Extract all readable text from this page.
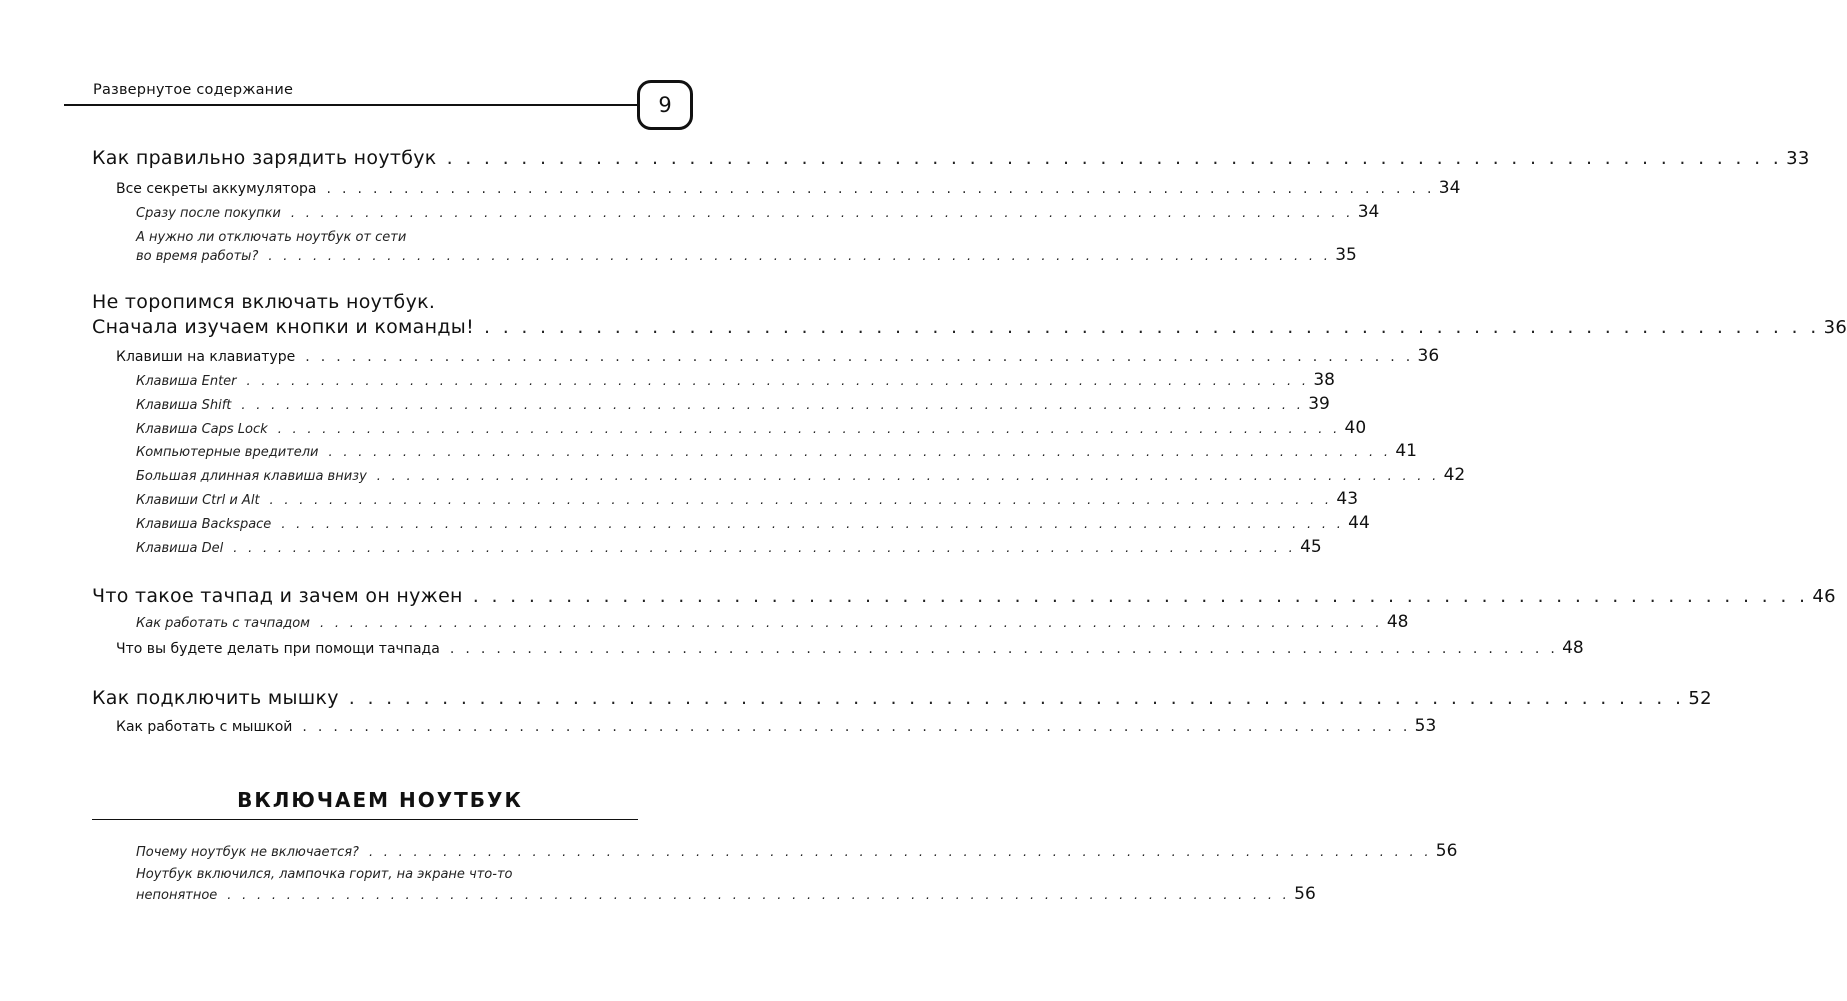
Развернутое содержание
9
Как правильно зарядить ноутбук . . . . . . . . . . . . . . . . . . . . . . . . . . . . . . . . . . . . . . . . . . . . . . . . . . . . . . . . . . . . . . . . . . . . . . . . 33
Все секреты аккумулятора . . . . . . . . . . . . . . . . . . . . . . . . . . . . . . . . . . . . . . . . . . . . . . . . . . . . . . . . . . . . . . . . . . . . . . . . 34
Сразу после покупки . . . . . . . . . . . . . . . . . . . . . . . . . . . . . . . . . . . . . . . . . . . . . . . . . . . . . . . . . . . . . . . . . . . . . . . . 34
А нужно ли отключать ноутбук от сети
во время работы? . . . . . . . . . . . . . . . . . . . . . . . . . . . . . . . . . . . . . . . . . . . . . . . . . . . . . . . . . . . . . . . . . . . . . . . . 35
Не торопимся включать ноутбук.
Сначала изучаем кнопки и команды! . . . . . . . . . . . . . . . . . . . . . . . . . . . . . . . . . . . . . . . . . . . . . . . . . . . . . . . . . . . . . . . . . . . . . . . . 36
Клавиши на клавиатуре . . . . . . . . . . . . . . . . . . . . . . . . . . . . . . . . . . . . . . . . . . . . . . . . . . . . . . . . . . . . . . . . . . . . . . . . 36
Клавиша Enter . . . . . . . . . . . . . . . . . . . . . . . . . . . . . . . . . . . . . . . . . . . . . . . . . . . . . . . . . . . . . . . . . . . . . . . . 38
Клавиша Shift . . . . . . . . . . . . . . . . . . . . . . . . . . . . . . . . . . . . . . . . . . . . . . . . . . . . . . . . . . . . . . . . . . . . . . . . 39
Клавиша Caps Lock . . . . . . . . . . . . . . . . . . . . . . . . . . . . . . . . . . . . . . . . . . . . . . . . . . . . . . . . . . . . . . . . . . . . . . . . 40
Компьютерные вредители . . . . . . . . . . . . . . . . . . . . . . . . . . . . . . . . . . . . . . . . . . . . . . . . . . . . . . . . . . . . . . . . . . . . . . . . 41
Большая длинная клавиша внизу . . . . . . . . . . . . . . . . . . . . . . . . . . . . . . . . . . . . . . . . . . . . . . . . . . . . . . . . . . . . . . . . . . . . . . . . 42
Клавиши Ctrl и Alt . . . . . . . . . . . . . . . . . . . . . . . . . . . . . . . . . . . . . . . . . . . . . . . . . . . . . . . . . . . . . . . . . . . . . . . . 43
Клавиша Backspace . . . . . . . . . . . . . . . . . . . . . . . . . . . . . . . . . . . . . . . . . . . . . . . . . . . . . . . . . . . . . . . . . . . . . . . . 44
Клавиша Del . . . . . . . . . . . . . . . . . . . . . . . . . . . . . . . . . . . . . . . . . . . . . . . . . . . . . . . . . . . . . . . . . . . . . . . . 45
Что такое тачпад и зачем он нужен . . . . . . . . . . . . . . . . . . . . . . . . . . . . . . . . . . . . . . . . . . . . . . . . . . . . . . . . . . . . . . . . . . . . . . . . 46
Как работать с тачпадом . . . . . . . . . . . . . . . . . . . . . . . . . . . . . . . . . . . . . . . . . . . . . . . . . . . . . . . . . . . . . . . . . . . . . . . . 48
Что вы будете делать при помощи тачпада . . . . . . . . . . . . . . . . . . . . . . . . . . . . . . . . . . . . . . . . . . . . . . . . . . . . . . . . . . . . . . . . . . . . . . . . 48
Как подключить мышку . . . . . . . . . . . . . . . . . . . . . . . . . . . . . . . . . . . . . . . . . . . . . . . . . . . . . . . . . . . . . . . . . . . . . . . . 52
Как работать с мышкой . . . . . . . . . . . . . . . . . . . . . . . . . . . . . . . . . . . . . . . . . . . . . . . . . . . . . . . . . . . . . . . . . . . . . . . . 53
ВКЛЮЧАЕМ НОУТБУК
Почему ноутбук не включается? . . . . . . . . . . . . . . . . . . . . . . . . . . . . . . . . . . . . . . . . . . . . . . . . . . . . . . . . . . . . . . . . . . . . . . . . 56
Ноутбук включился, лампочка горит, на экране что-то
непонятное . . . . . . . . . . . . . . . . . . . . . . . . . . . . . . . . . . . . . . . . . . . . . . . . . . . . . . . . . . . . . . . . . . . . . . . . 56
